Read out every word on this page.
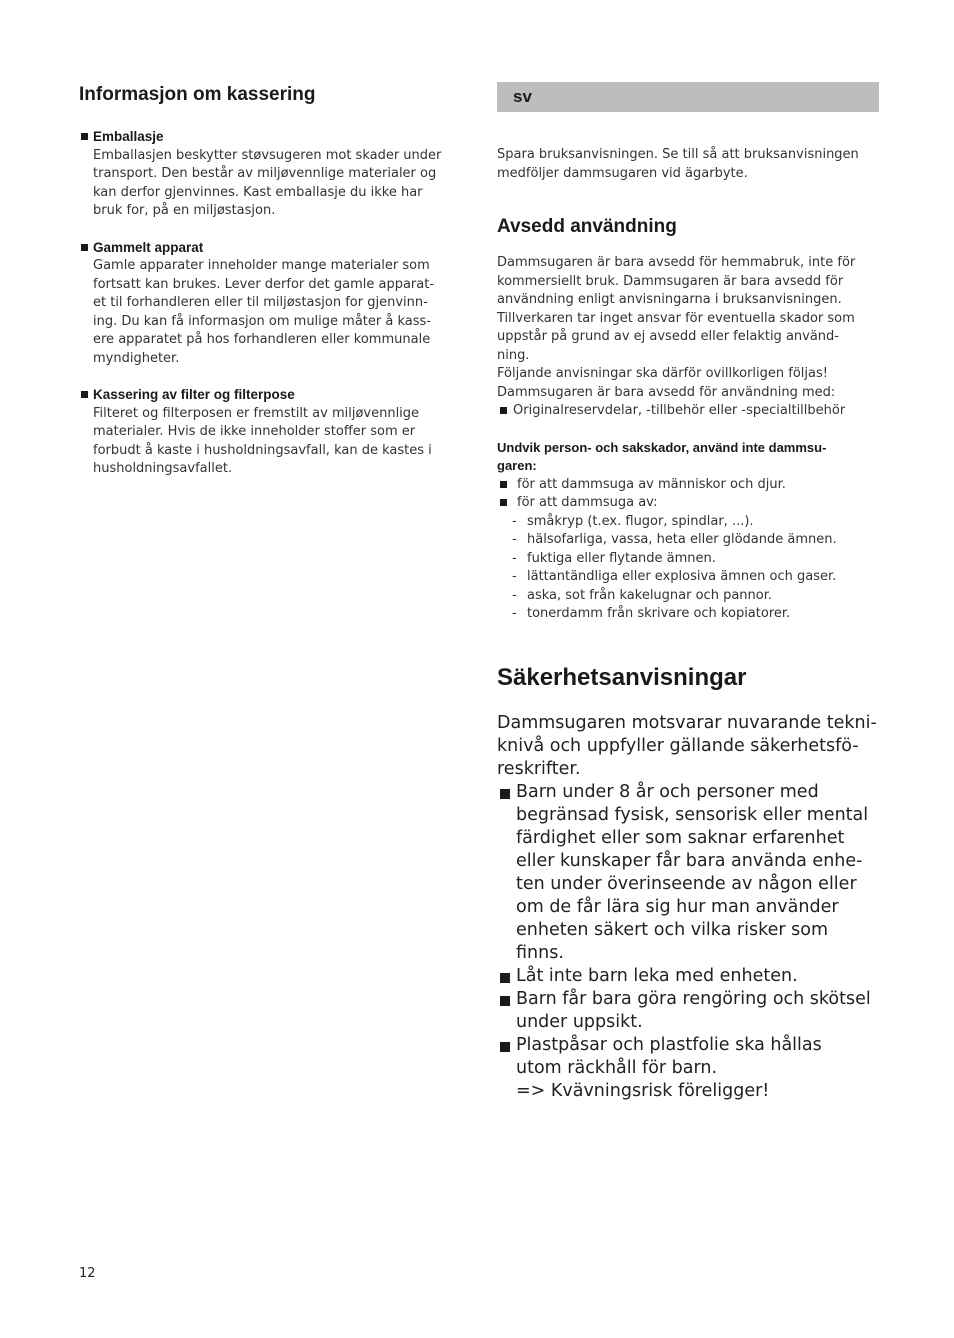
Informasjon om kassering
Emballasje

Emballasjen beskytter støvsugeren mot skader under

transport. Den består av miljøvennlige materialer og

kan derfor gjenvinnes. Kast emballasje du ikke har

bruk for, på en miljøstasjon.

Gammelt apparat

Gamle apparater inneholder mange materialer som

fortsatt kan brukes. Lever derfor det gamle apparat-

et til forhandleren eller til miljøstasjon for gjenvinn-

ing. Du kan få informasjon om mulige måter å kass-

ere apparatet på hos forhandleren eller kommunale

myndigheter.

Kassering av filter og filterpose

Filteret og filterposen er fremstilt av miljøvennlige

materialer. Hvis de ikke inneholder stoffer som er

forbudt å kaste i husholdningsavfall, kan de kastes i

husholdningsavfallet.

sv

Spara bruksanvisningen. Se till så att bruksanvisningen

medföljer dammsugaren vid ägarbyte.

Avsedd användning

Dammsugaren är bara avsedd för hemmabruk, inte för

kommersiellt bruk. Dammsugaren är bara avsedd för

användning enligt anvisningarna i bruksanvisningen.

Tillverkaren tar inget ansvar för eventuella skador som

uppstår på grund av ej avsedd eller felaktig använd-

ning.

Följande anvisningar ska därför ovillkorligen följas!

Dammsugaren är bara avsedd för användning med:

Originalreservdelar, -tillbehör eller -specialtillbehör

Undvik person- och sakskador, använd inte dammsu-

garen:

för att dammsuga av människor och djur.

för att dammsuga av:

- småkryp (t.ex. flugor, spindlar, ...).

- hälsofarliga, vassa, heta eller glödande ämnen.

- fuktiga eller flytande ämnen.

- lättantändliga eller explosiva ämnen och gaser.

- aska, sot från kakelugnar och pannor.

- tonerdamm från skrivare och kopiatorer.

Säkerhetsanvisningar

Dammsugaren motsvarar nuvarande tekni-

knivå och uppfyller gällande säkerhetsfö-

reskrifter.

Barn under 8 år och personer med
begränsad fysisk, sensorisk eller mental
färdighet eller som saknar erfarenhet
eller kunskaper får bara använda enhe-
ten under överinseende av någon eller
om de får lära sig hur man använder
enheten säkert och vilka risker som
finns.
Låt inte barn leka med enheten.
Barn får bara göra rengöring och skötsel
under uppsikt.
Plastpåsar och plastfolie ska hållas
utom räckhåll för barn.
=> Kvävningsrisk föreligger!
12
